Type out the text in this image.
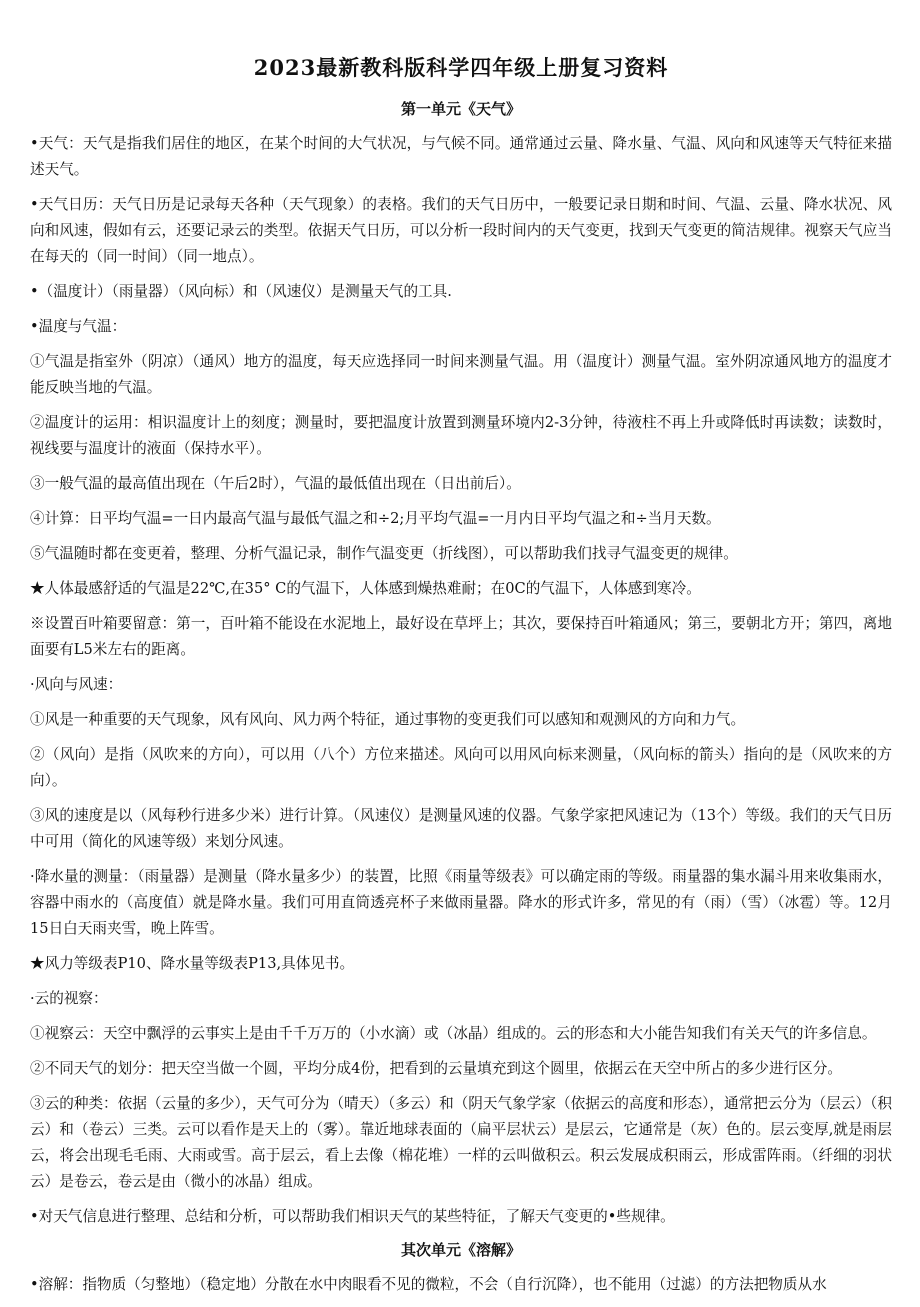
2023最新教科版科学四年级上册复习资料
第一单元《天气》

•天气：天气是指我们居住的地区，在某个时间的大气状况，与气候不同。通常通过云量、降水量、气温、风向和风速等天气特征来描述天气。

•天气日历：天气日历是记录每天各种（天气现象）的表格。我们的天气日历中，一般要记录日期和时间、气温、云量、降水状况、风向和风速，假如有云，还要记录云的类型。依据天气日历，可以分析一段时间内的天气变更，找到天气变更的简洁规律。视察天气应当在每天的（同一时间）（同一地点）。

•（温度计）（雨量器）（风向标）和（风速仪）是测量天气的工具.

•温度与气温：

①气温是指室外（阴凉）（通风）地方的温度，每天应选择同一时间来测量气温。用（温度计）测量气温。室外阴凉通风地方的温度才能反映当地的气温。

②温度计的运用：相识温度计上的刻度；测量时，要把温度计放置到测量环境内2-3分钟，待液柱不再上升或降低时再读数；读数时，视线要与温度计的液面（保持水平）。

③一般气温的最高值出现在（午后2时），气温的最低值出现在（日出前后）。

④计算：日平均气温=一日内最高气温与最低气温之和÷2;月平均气温=一月内日平均气温之和÷当月天数。

⑤气温随时都在变更着，整理、分析气温记录，制作气温变更（折线图），可以帮助我们找寻气温变更的规律。

★人体最感舒适的气温是22℃,在35° C的气温下，人体感到燥热难耐；在0C的气温下，人体感到寒冷。

※设置百叶箱要留意：第一，百叶箱不能设在水泥地上，最好设在草坪上；其次，要保持百叶箱通风；第三，要朝北方开；第四，离地面要有L5米左右的距离。

·风向与风速：

①风是一种重要的天气现象，风有风向、风力两个特征，通过事物的变更我们可以感知和观测风的方向和力气。

②（风向）是指（风吹来的方向），可以用（八个）方位来描述。风向可以用风向标来测量，（风向标的箭头）指向的是（风吹来的方向）。

③风的速度是以（风每秒行进多少米）进行计算。（风速仪）是测量风速的仪器。气象学家把风速记为（13个）等级。我们的天气日历中可用（简化的风速等级）来划分风速。

·降水量的测量：（雨量器）是测量（降水量多少）的装置，比照《雨量等级表》可以确定雨的等级。雨量器的集水漏斗用来收集雨水，容器中雨水的（高度值）就是降水量。我们可用直筒透亮杯子来做雨量器。降水的形式许多，常见的有（雨）（雪）（冰雹）等。12月15日白天雨夹雪，晚上阵雪。

★风力等级表P10、降水量等级表P13,具体见书。

·云的视察：

①视察云：天空中飘浮的云事实上是由千千万万的（小水滴）或（冰晶）组成的。云的形态和大小能告知我们有关天气的许多信息。

②不同天气的划分：把天空当做一个圆，平均分成4份，把看到的云量填充到这个圆里，依据云在天空中所占的多少进行区分。

③云的种类：依据（云量的多少），天气可分为（晴天）（多云）和（阴天气象学家（依据云的高度和形态），通常把云分为（层云）（积云）和（卷云）三类。云可以看作是天上的（雾）。靠近地球表面的（扁平层状云）是层云，它通常是（灰）色的。层云变厚,就是雨层云，将会出现毛毛雨、大雨或雪。高于层云，看上去像（棉花堆）一样的云叫做积云。积云发展成积雨云，形成雷阵雨。（纤细的羽状云）是卷云，卷云是由（微小的冰晶）组成。

•对天气信息进行整理、总结和分析，可以帮助我们相识天气的某些特征，了解天气变更的•些规律。

其次单元《溶解》

•溶解：指物质（匀整地）（稳定地）分散在水中肉眼看不见的微粒，不会（自行沉降），也不能用（过滤）的方法把物质从水
